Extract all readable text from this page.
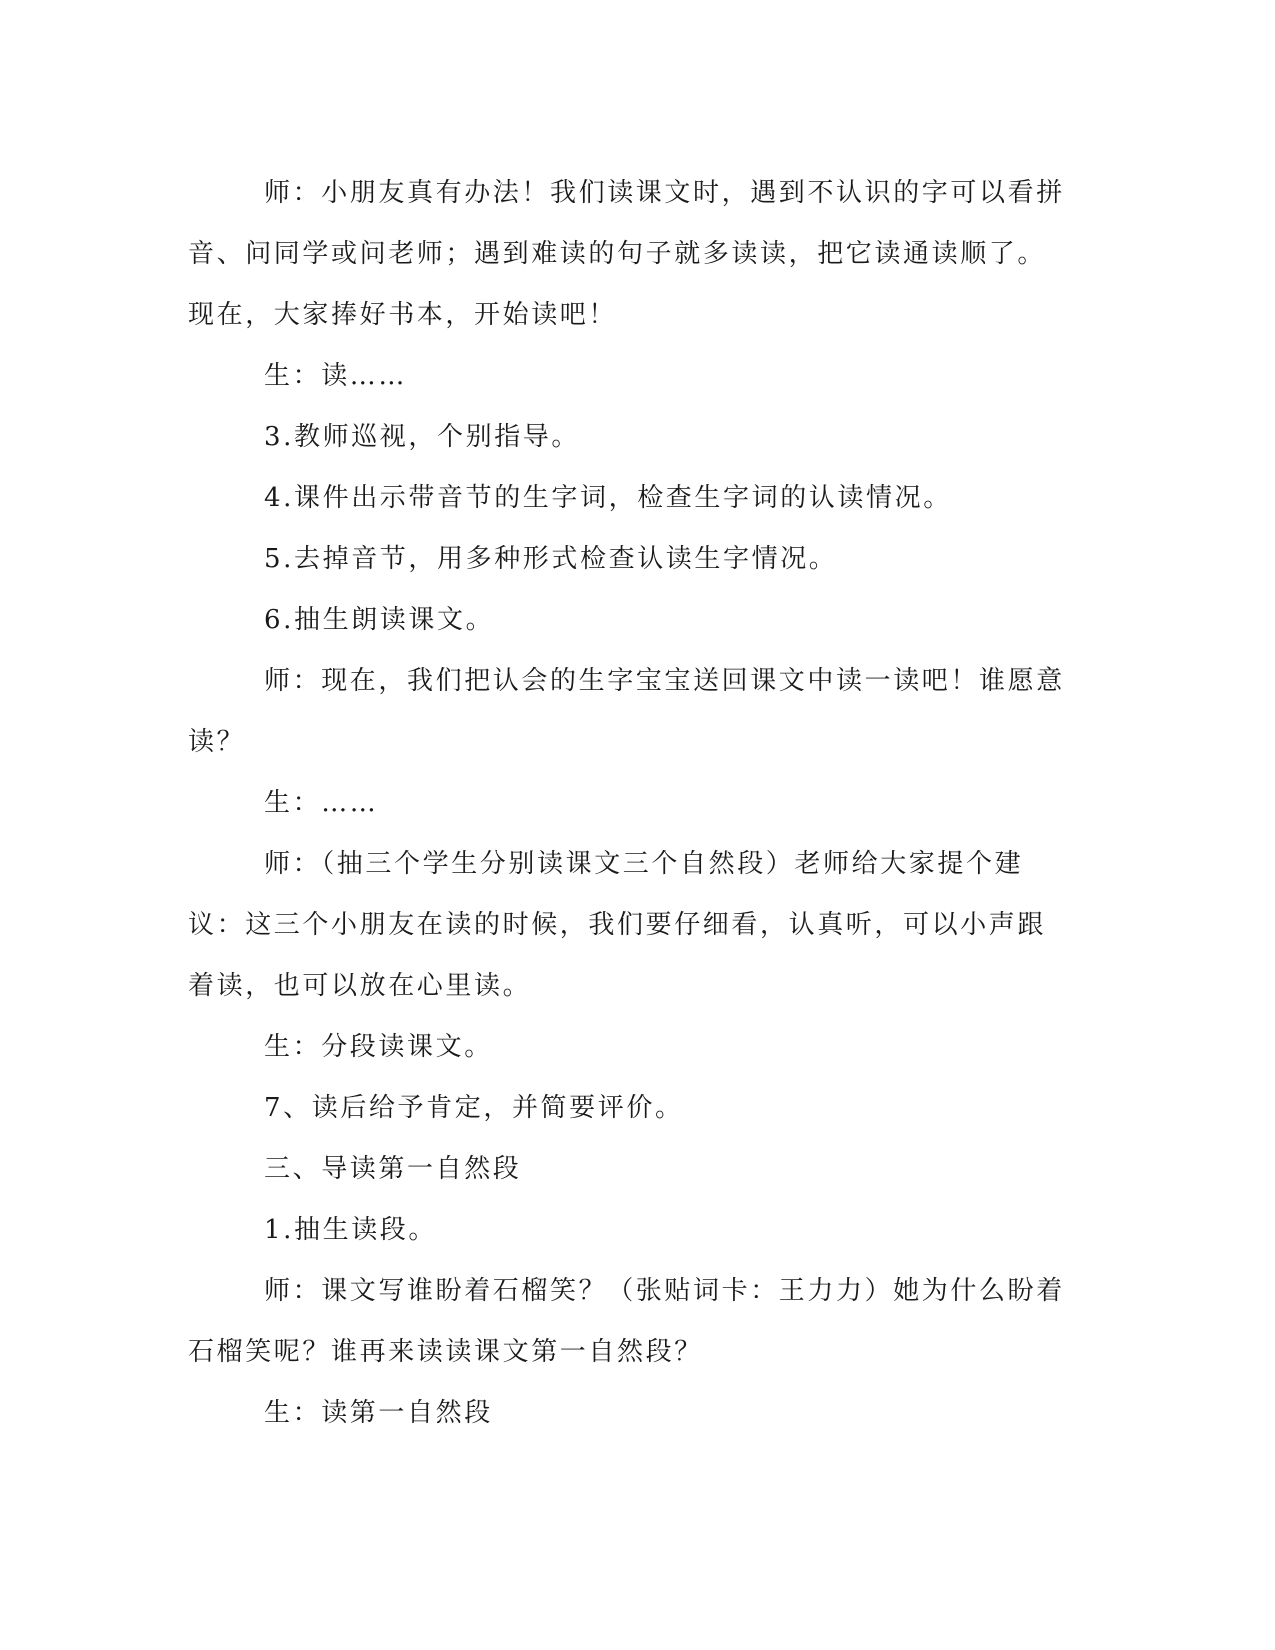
师：小朋友真有办法！我们读课文时，遇到不认识的字可以看拼音、问同学或问老师；遇到难读的句子就多读读，把它读通读顺了。现在，大家捧好书本，开始读吧！

生：读……

3.教师巡视，个别指导。

4.课件出示带音节的生字词，检查生字词的认读情况。

5.去掉音节，用多种形式检查认读生字情况。

6.抽生朗读课文。

师：现在，我们把认会的生字宝宝送回课文中读一读吧！谁愿意读？

生：……

师：（抽三个学生分别读课文三个自然段）老师给大家提个建议：这三个小朋友在读的时候，我们要仔细看，认真听，可以小声跟着读，也可以放在心里读。

生：分段读课文。

7、读后给予肯定，并简要评价。

三、导读第一自然段

1.抽生读段。

师：课文写谁盼着石榴笑？（张贴词卡：王力力）她为什么盼着石榴笑呢？谁再来读读课文第一自然段？

生：读第一自然段
